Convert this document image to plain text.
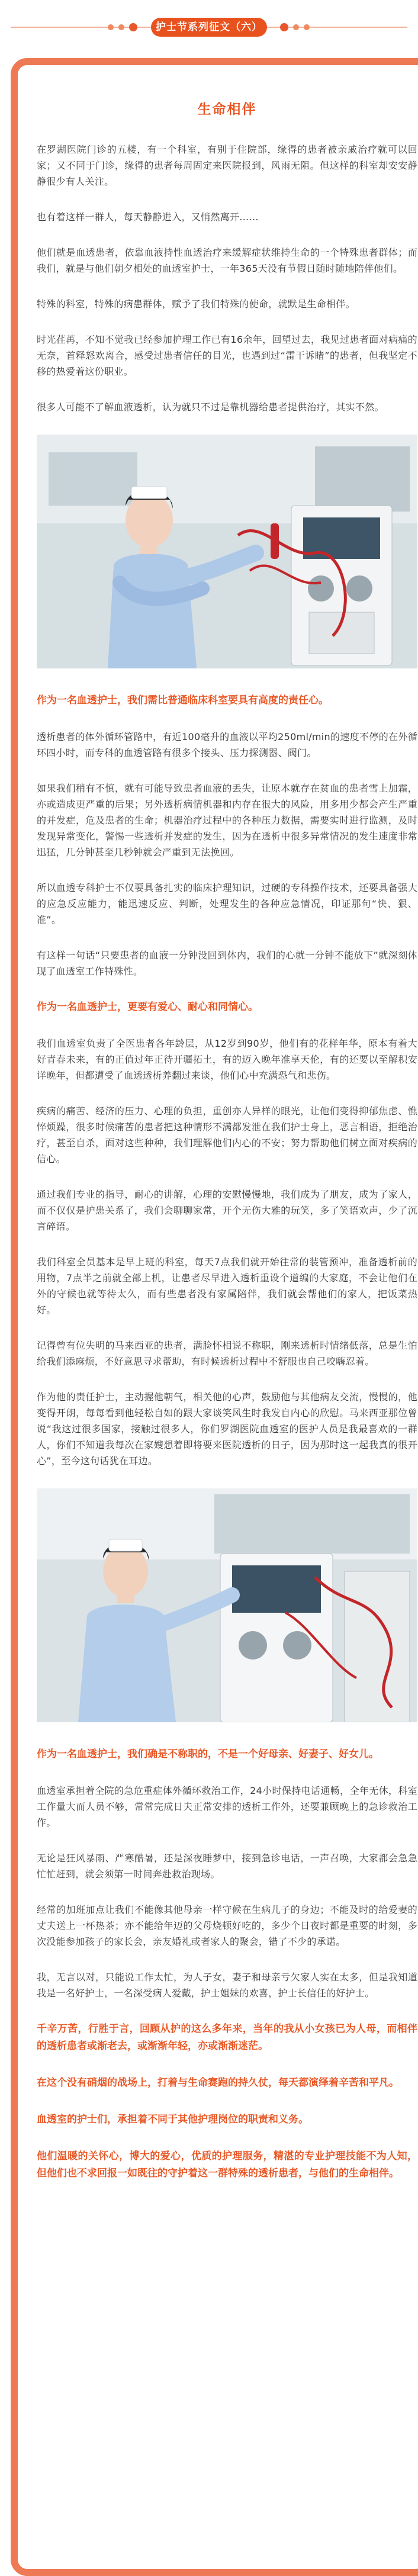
护士节系列征文（六）
生命相伴

在罗湖医院门诊的五楼，有一个科室，有别于住院部，缘得的患者被亲戚治疗就可以回家；又不同于门诊，缘得的患者每周固定来医院报到，风雨无阻。但这样的科室却安安静静很少有人关注。

也有着这样一群人，每天静静进入，又悄然离开……

他们就是血透患者，依靠血液持性血透治疗来缓解症状维持生命的一个特殊患者群体；而我们，就是与他们朝夕相处的血透室护士，一年365天没有节假日随时随地陪伴他们。

特殊的科室，特殊的病患群体，赋予了我们特殊的使命，就默是生命相伴。

时光荏苒，不知不觉我已经参加护理工作已有16余年，回望过去，我见过患者面对病痛的无奈，首释怒欢离合，感受过患者信任的目光，也遇到过“雷干诉睹”的患者，但我坚定不移的热爱着这份职业。

很多人可能不了解血液透析，认为就只不过是靠机器给患者提供治疗，其实不然。

作为一名血透护士，我们需比普通临床科室要具有高度的责任心。

透析患者的体外循环管路中，有近100毫升的血液以平均250ml/min的速度不停的在外循环四小时，而专科的血透管路有很多个接头、压力探测器、阀门。

如果我们稍有不慎，就有可能导致患者血液的丢失，让原本就存在贫血的患者雪上加霜，亦或造成更严重的后果；另外透析病情机器和内存在很大的风险，用多用少都会产生严重的并发症，危及患者的生命；机器治疗过程中的各种压力数据，需要实时进行监测，及时发现异常变化，警惕一些透析并发症的发生，因为在透析中很多异常情况的发生速度非常迅猛，几分钟甚至几秒钟就会严重到无法挽回。

所以血透专科护士不仅要具备扎实的临床护理知识，过硬的专科操作技术，还要具备强大的应急反应能力，能迅速反应、判断，处理发生的各种应急情况，印证那句“快、狠、准”。

有这样一句话“只要患者的血液一分钟没回到体内，我们的心就一分钟不能放下”就深刻体现了血透室工作特殊性。

作为一名血透护士，更要有爱心、耐心和同情心。

我们血透室负责了全医患者各年龄层，从12岁到90岁，他们有的花样年华，原本有着大好青春未来，有的正值过年正待开疆拓土，有的迈入晚年准享天伦，有的还要以至解积安详晚年，但都遭受了血透透析养翻过来谈，他们心中充满恐气和悲伤。

疾病的痛苦、经济的压力、心理的负担，重创亦人异样的眼光，让他们变得抑郁焦虑、憔悴烦躁，很多时候痛苦的患者把这种情形不满都发泄在我们护士身上，恶言相语，拒绝治疗，甚至自杀，面对这些种种，我们理解他们内心的不安；努力帮助他们树立面对疾病的信心。

通过我们专业的指导，耐心的讲解，心理的安慰慢慢地，我们成为了朋友，成为了家人，而不仅仅是护患关系了，我们会聊聊家常，开个无伤大雅的玩笑，多了笑语欢声，少了沉言碎语。

我们科室全员基本是早上班的科室，每天7点我们就开始往常的装管预冲，准备透析前的用物，7点半之前就全部上机，让患者尽早进入透析重设个道编的大家庭，不会让他们在外的守候也就等待太久，而有些患者没有家属陪伴，我们就会帮他们的家人，把饭菜热好。

记得曾有位失明的马来西亚的患者，满脸怀相说不称职，刚来透析时情绪低落，总是生怕给我们添麻烦，不好意思寻求帮助，有时候透析过程中不舒服也自己咬嗨忍着。

作为他的责任护士，主动握他朝气，相关他的心声，鼓励他与其他病友交流，慢慢的，他变得开朗，每每看到他轻松自如的跟大家谈笑风生时我发自内心的欣慰。马来西亚那位曾说“我这过很多国家，接触过很多人，你们罗湖医院血透室的医护人员是我最喜欢的一群人，你们不知道我每次在家嫂想着即将要来医院透析的日子，因为那时这一起我真的很开心”，至今这句话犹在耳边。

作为一名血透护士，我们确是不称职的，不是一个好母亲、好妻子、好女儿。

血透室承担着全院的急危重症体外循环救治工作，24小时保持电话通畅，全年无休，科室工作量大而人员不够，常常完成日夫正常安排的透析工作外，还要兼顾晚上的急诊救治工作。

无论是狂风暴雨、严寒酷暑，还是深夜睡梦中，接到急诊电话，一声召唤，大家都会急急忙忙赶到，就会须第一时间奔赴救治现场。

经常的加班加点让我们不能像其他母亲一样守候在生病儿子的身边；不能及时的给爱妻的丈夫送上一杯热茶；亦不能给年迈的父母烧顿好吃的，多少个日夜时都是重要的时刻，多次没能参加孩子的家长会，亲友婚礼或者家人的聚会，错了不少的承诺。

我，无言以对，只能说工作太忙，为人子女，妻子和母亲亏欠家人实在太多，但是我知道我是一名好护士，一名深受病人爱戴，护士姐妹的欢喜，护士长信任的好护士。

千辛万苦，行胜于言，回顾从护的这么多年来，当年的我从小女孩已为人母，而相伴的透析患者或渐老去，或渐渐年轻，亦或渐渐迷茫。

在这个没有硝烟的战场上，打着与生命赛跑的持久仗，每天都演绎着辛苦和平凡。

血透室的护士们，承担着不同于其他护理岗位的职责和义务。

他们温暖的关怀心，博大的爱心，优质的护理服务，精湛的专业护理技能不为人知，但他们也不求回报一如既往的守护着这一群特殊的透析患者，与他们的生命相伴。
